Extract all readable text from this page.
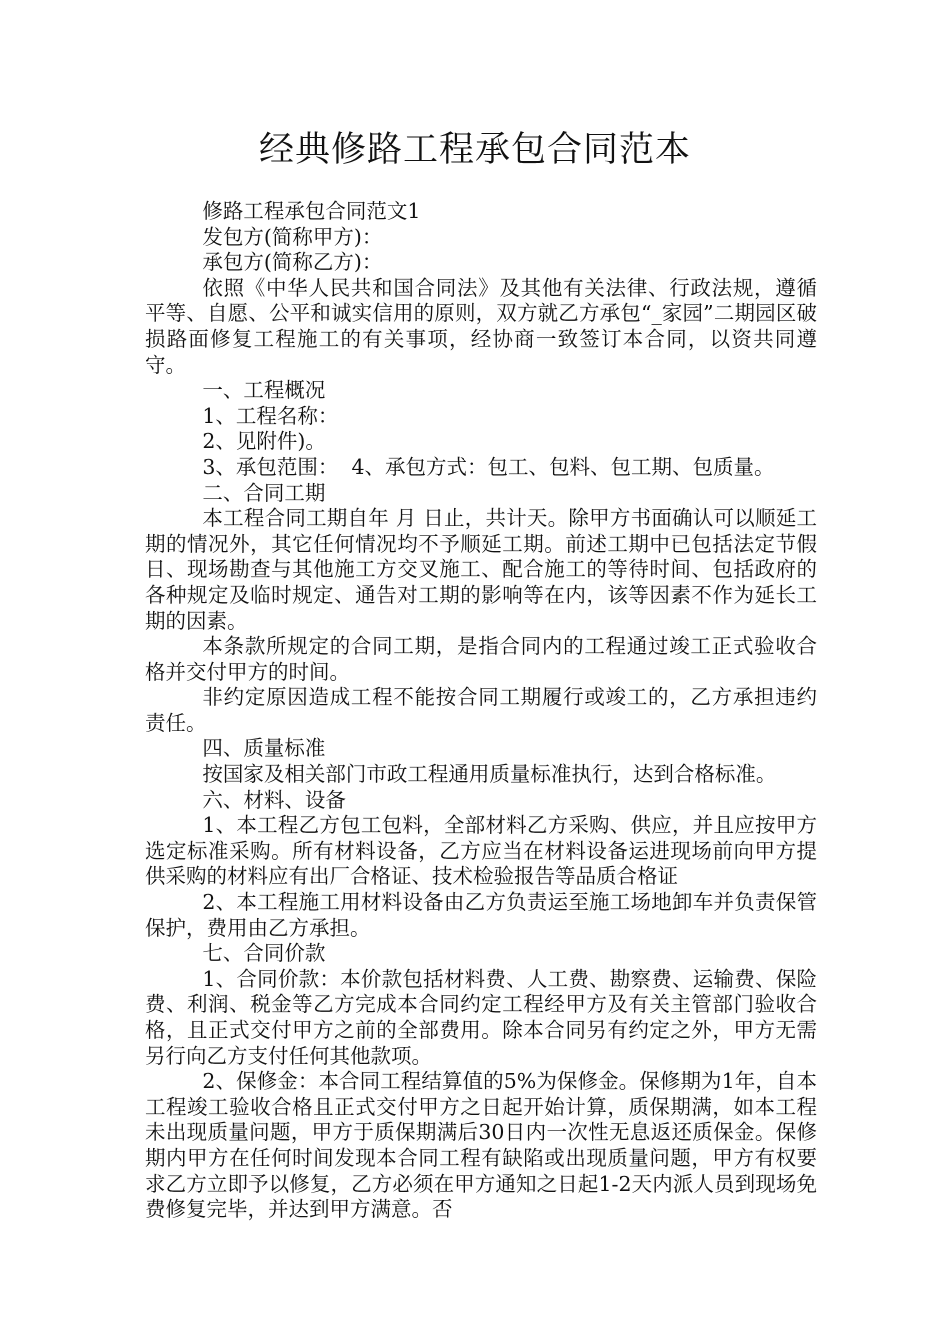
经典修路工程承包合同范本

修路工程承包合同范文1

发包方(简称甲方)：

承包方(简称乙方)：

依照《中华人民共和国合同法》及其他有关法律、行政法规，遵循平等、自愿、公平和诚实信用的原则，双方就乙方承包“_家园”二期园区破损路面修复工程施工的有关事项，经协商一致签订本合同，以资共同遵守。

一、工程概况

1、工程名称：

2、见附件)。

3、承包范围：  4、承包方式：包工、包料、包工期、包质量。

二、合同工期

本工程合同工期自年 月 日止，共计天。除甲方书面确认可以顺延工期的情况外，其它任何情况均不予顺延工期。前述工期中已包括法定节假日、现场勘查与其他施工方交叉施工、配合施工的等待时间、包括政府的各种规定及临时规定、通告对工期的影响等在内，该等因素不作为延长工期的因素。

本条款所规定的合同工期，是指合同内的工程通过竣工正式验收合格并交付甲方的时间。

非约定原因造成工程不能按合同工期履行或竣工的，乙方承担违约责任。

四、质量标准

按国家及相关部门市政工程通用质量标准执行，达到合格标准。

六、材料、设备

1、本工程乙方包工包料，全部材料乙方采购、供应，并且应按甲方选定标准采购。所有材料设备，乙方应当在材料设备运进现场前向甲方提供采购的材料应有出厂合格证、技术检验报告等品质合格证

2、本工程施工用材料设备由乙方负责运至施工场地卸车并负责保管保护，费用由乙方承担。

七、合同价款

1、合同价款：本价款包括材料费、人工费、勘察费、运输费、保险费、利润、税金等乙方完成本合同约定工程经甲方及有关主管部门验收合格，且正式交付甲方之前的全部费用。除本合同另有约定之外，甲方无需另行向乙方支付任何其他款项。

2、保修金：本合同工程结算值的5%为保修金。保修期为1年，自本工程竣工验收合格且正式交付甲方之日起开始计算，质保期满，如本工程未出现质量问题，甲方于质保期满后30日内一次性无息返还质保金。保修期内甲方在任何时间发现本合同工程有缺陷或出现质量问题，甲方有权要求乙方立即予以修复，乙方必须在甲方通知之日起1-2天内派人员到现场免费修复完毕，并达到甲方满意。否
